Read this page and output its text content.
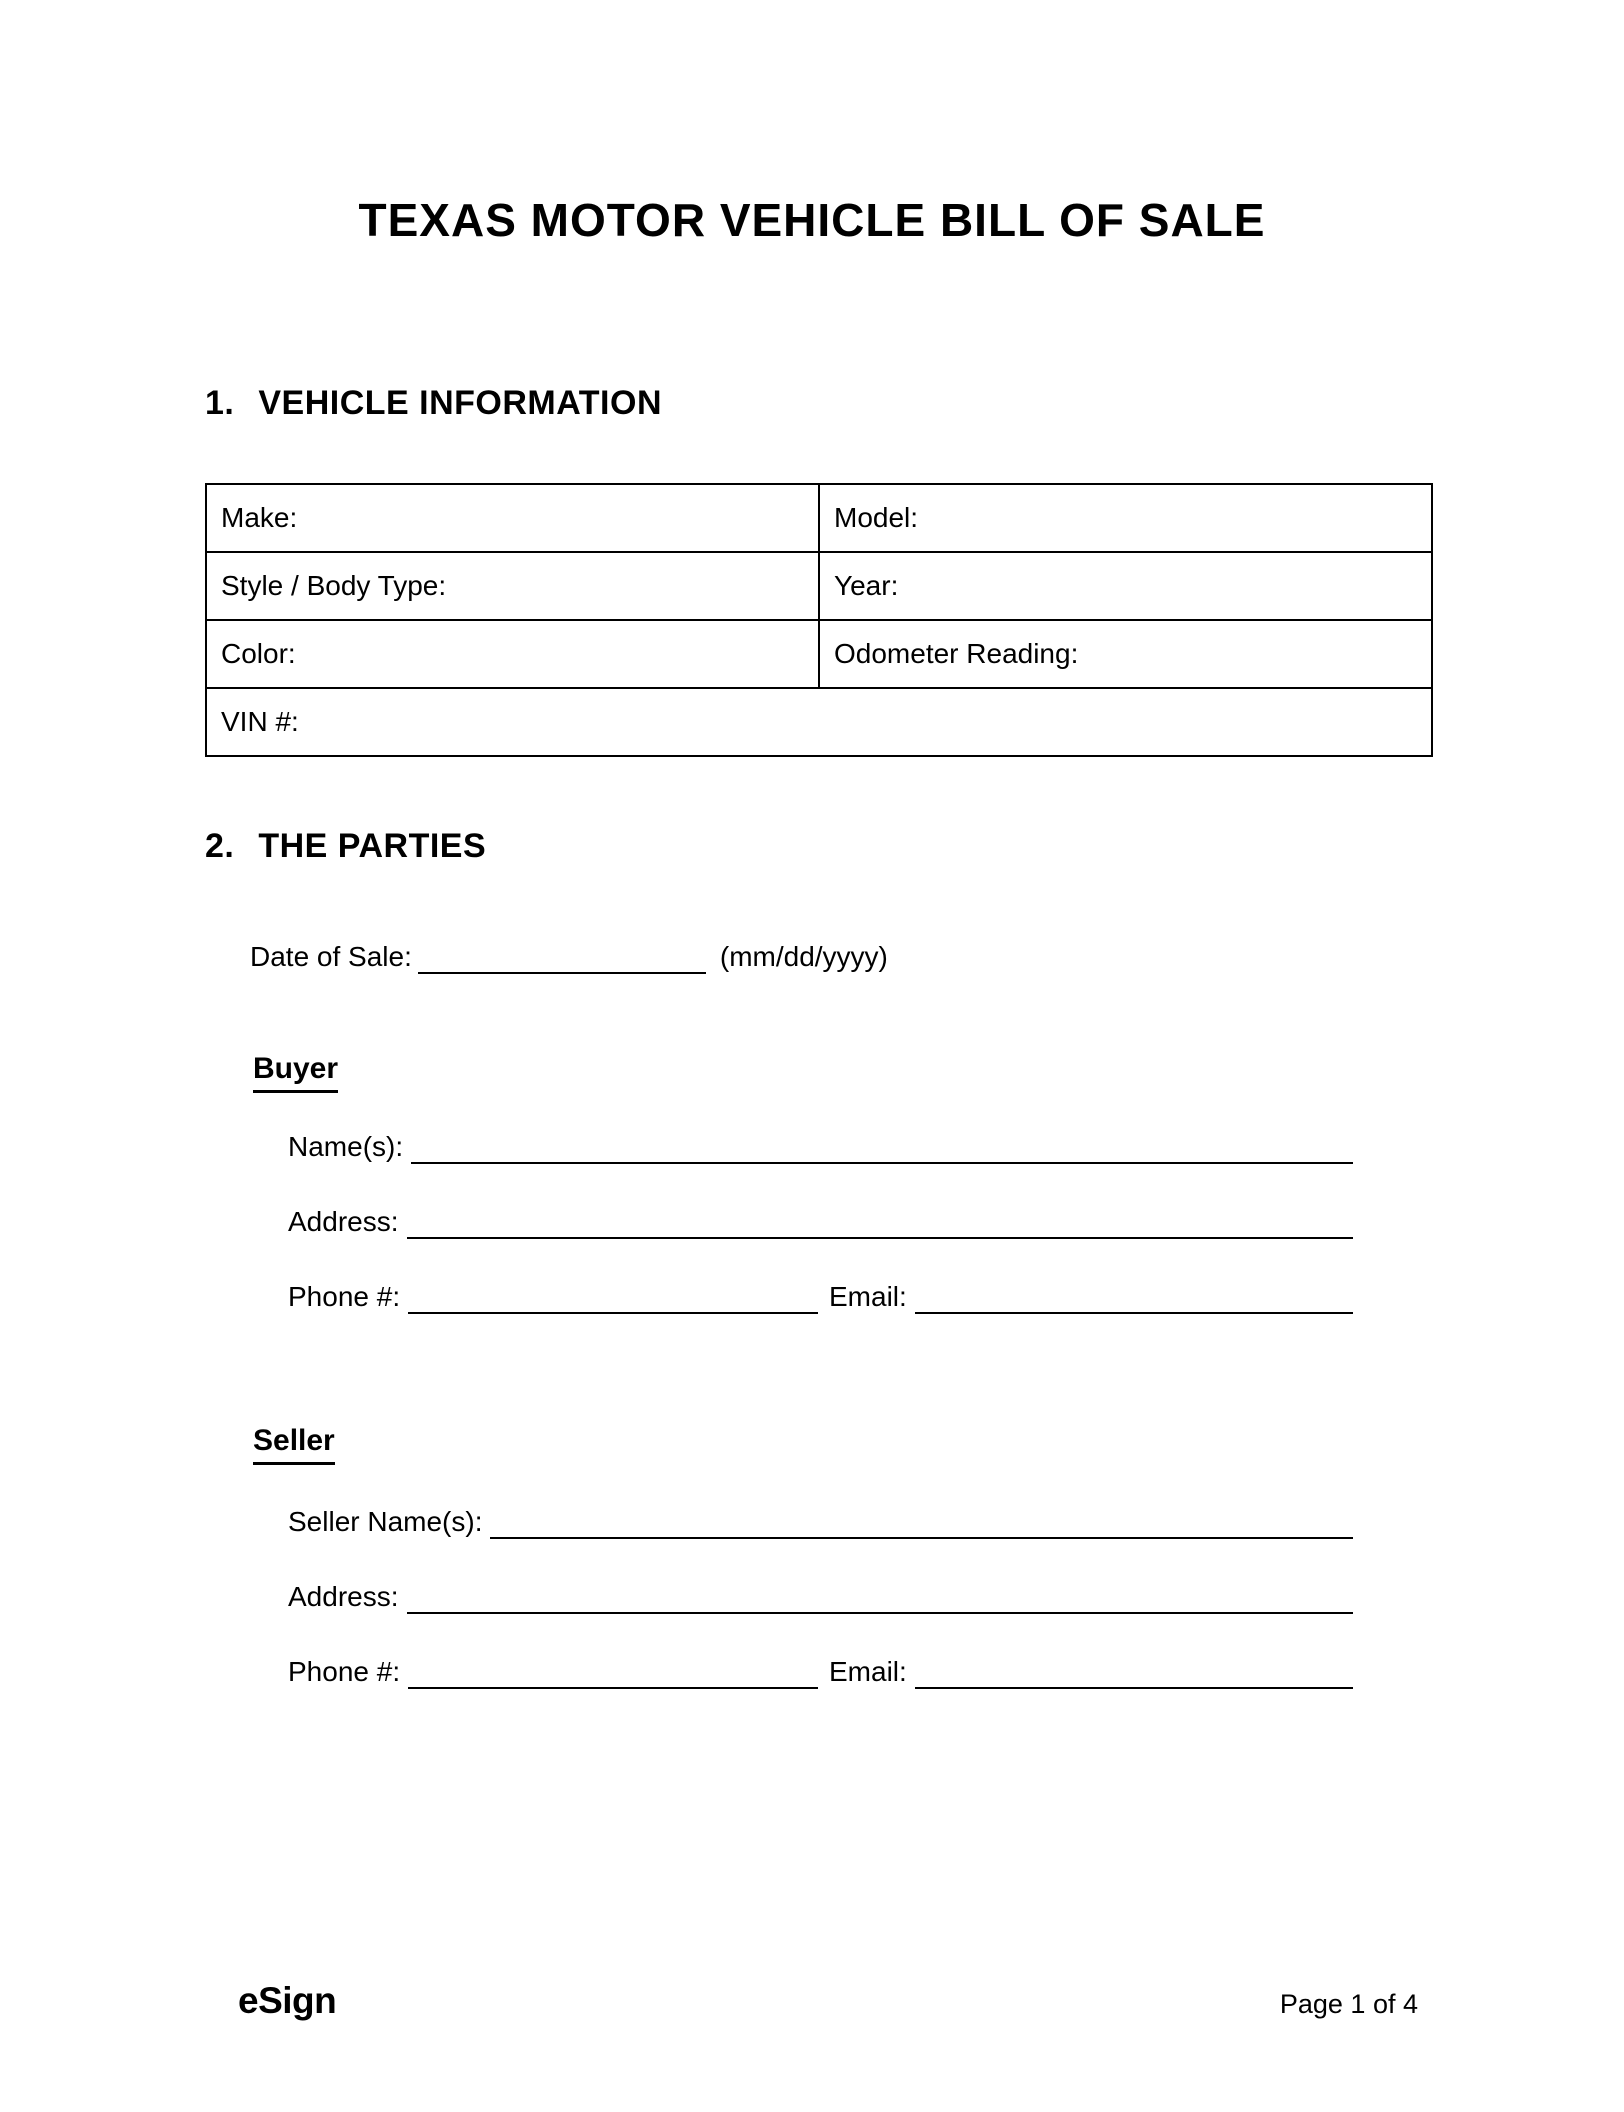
TEXAS MOTOR VEHICLE BILL OF SALE
1. VEHICLE INFORMATION
Make:	Model:
Style / Body Type:	Year:
Color:	Odometer Reading:
VIN #:	
2. THE PARTIES
Date of Sale:	(mm/dd/yyyy)
Buyer
Name(s):
Address:
Phone #:	Email:
Seller
Seller Name(s):
Address:
Phone #:	Email:
eSign	Page 1 of 4
